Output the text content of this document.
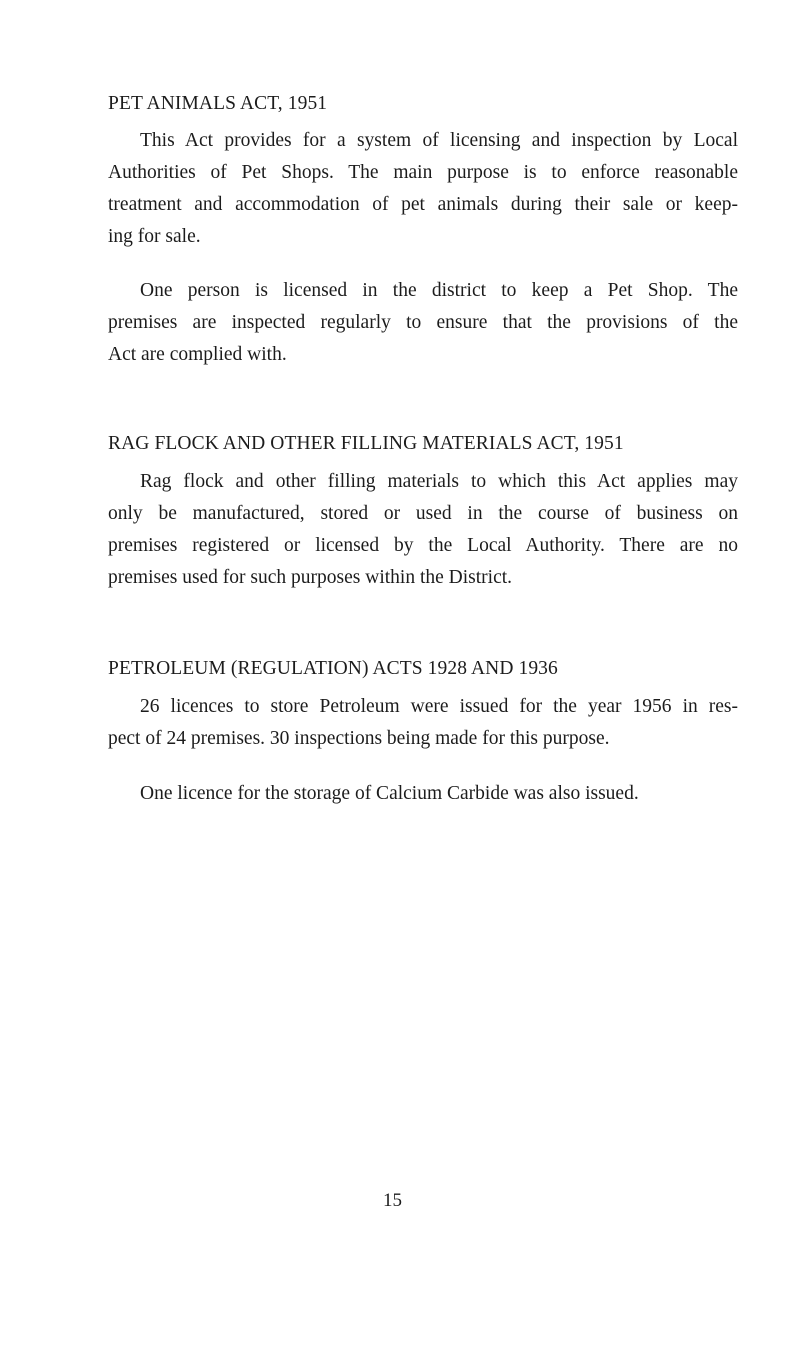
PET ANIMALS ACT, 1951
This Act provides for a system of licensing and inspection by Local
Authorities of Pet Shops. The main purpose is to enforce reasonable
treatment and accommodation of pet animals during their sale or keep-
ing for sale.
One person is licensed in the district to keep a Pet Shop. The
premises are inspected regularly to ensure that the provisions of the
Act are complied with.
RAG FLOCK AND OTHER FILLING MATERIALS ACT, 1951
Rag flock and other filling materials to which this Act applies may
only be manufactured, stored or used in the course of business on
premises registered or licensed by the Local Authority. There are no
premises used for such purposes within the District.
PETROLEUM (REGULATION) ACTS 1928 AND 1936
26 licences to store Petroleum were issued for the year 1956 in res-
pect of 24 premises. 30 inspections being made for this purpose.
One licence for the storage of Calcium Carbide was also issued.
15
